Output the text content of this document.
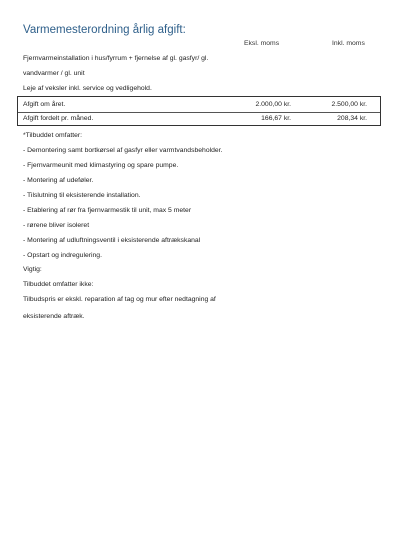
Varmemesterordning årlig afgift:
Eksl. moms	Inkl. moms
Fjernvarmeinstallation i hus/fyrrum + fjernelse af gl. gasfyr/ gl.
vandvarmer / gl. unit
Leje af veksler inkl. service og vedligehold.
Afgift om året.	2.000,00 kr.	2.500,00 kr.
Afgift fordelt pr. måned.	166,67 kr.	208,34 kr.
*Tilbuddet omfatter:
- Demontering samt bortkørsel af gasfyr eller varmtvandsbeholder.
- Fjernvarmeunit med klimastyring og spare pumpe.
- Montering af udeføler.
- Tilslutning til eksisterende installation.
- Etablering af rør fra fjernvarmestik til unit, max 5 meter
- rørene bliver isoleret
- Montering af udluftningsventil i eksisterende aftrækskanal
- Opstart og indregulering.
Vigtig:
Tilbuddet omfatter ikke:
Tilbudspris er ekskl. reparation af tag og mur efter nedtagning af
eksisterende aftræk.
